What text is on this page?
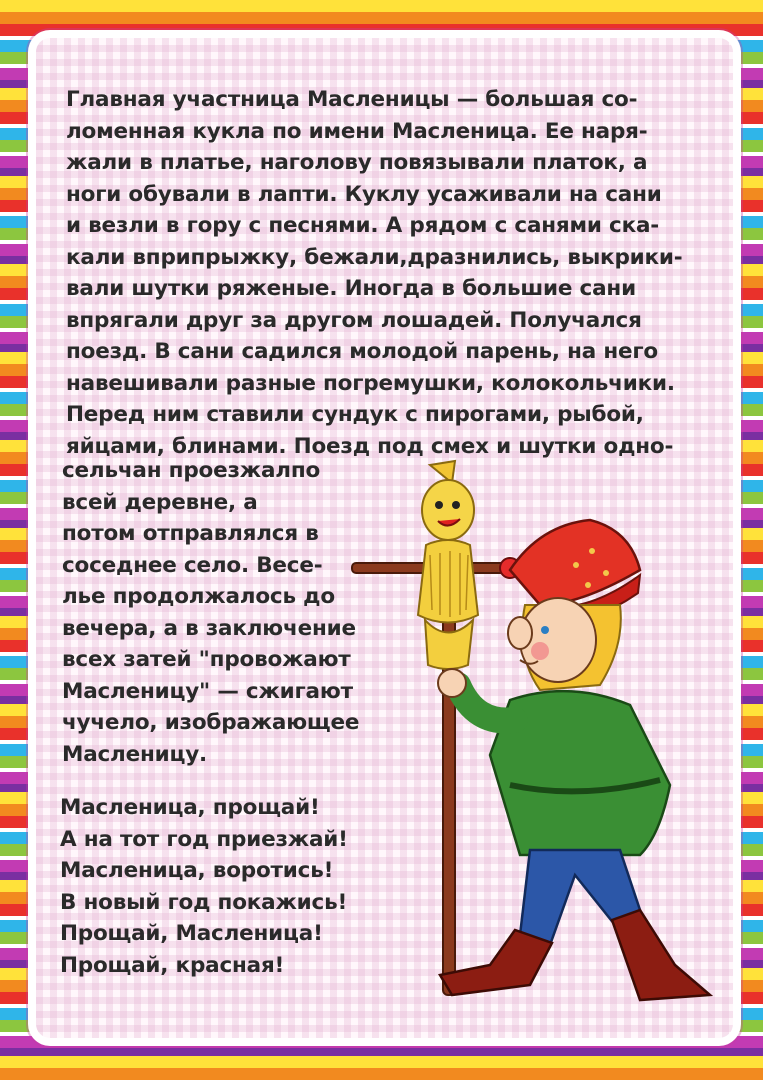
Главная участница Масленицы — большая со-
ломенная кукла по имени Масленица. Ее наря-
жали в платье, наголову повязывали платок, а
ноги обували в лапти. Куклу усаживали на сани
и везли в гору с песнями. А рядом с санями ска-
кали вприпрыжку, бежали,дразнились, выкрики-
вали шутки ряженые. Иногда в большие сани
впрягали друг за другом лошадей. Получался
поезд. В сани садился молодой парень, на него
навешивали разные погремушки, колокольчики.
Перед ним ставили сундук с пирогами, рыбой,
яйцами, блинами. Поезд под смех и шутки одно-
сельчан проезжалпо
всей деревне, а
потом отправлялся в
соседнее село. Весе-
лье продолжалось до
вечера, а в заключение
всех затей "провожают
Масленицу" — сжигают
чучело, изображающее
Масленицу.
Масленица, прощай!
А на тот год приезжай!
Масленица, воротись!
В новый год покажись!
Прощай, Масленица!
Прощай, красная!
